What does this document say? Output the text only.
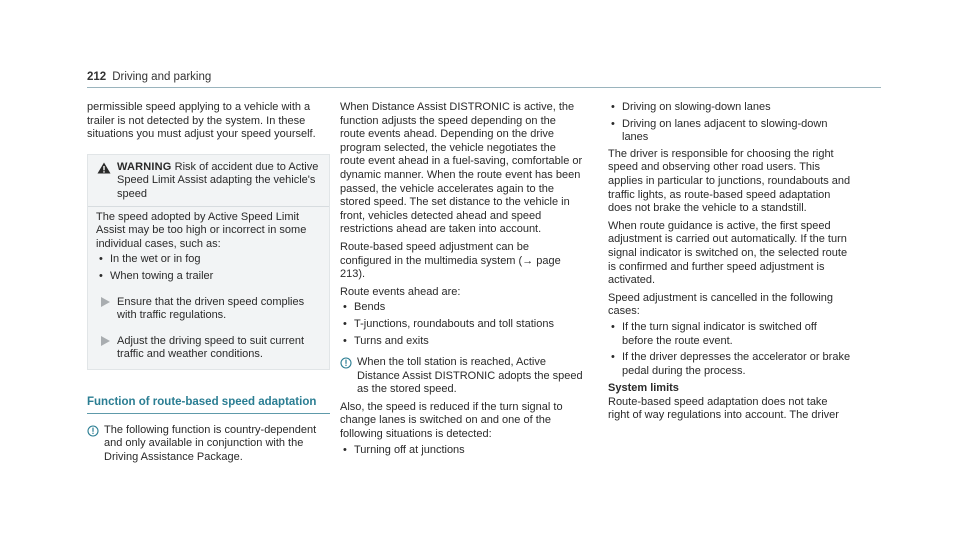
212 Driving and parking

permissible speed applying to a vehicle with a trailer is not detected by the system. In these situations you must adjust your speed yourself.

WARNING Risk of accident due to Active Speed Limit Assist adapting the vehicle's speed

The speed adopted by Active Speed Limit Assist may be too high or incorrect in some individual cases, such as:

• In the wet or in fog
• When towing a trailer
Ensure that the driven speed complies with traffic regulations.
Adjust the driving speed to suit current traffic and weather conditions.
Function of route-based speed adaptation
The following function is country-dependent and only available in conjunction with the Driving Assistance Package.

When Distance Assist DISTRONIC is active, the function adjusts the speed depending on the route events ahead. Depending on the drive program selected, the vehicle negotiates the route event ahead in a fuel-saving, comfortable or dynamic manner. When the route event has been passed, the vehicle accelerates again to the stored speed. The set distance to the vehicle in front, vehicles detected ahead and speed restrictions ahead are taken into account.

Route-based speed adjustment can be configured in the multimedia system (→ page 213).

Route events ahead are:

• Bends
• T-junctions, roundabouts and toll stations
• Turns and exits
When the toll station is reached, Active Distance Assist DISTRONIC adopts the speed as the stored speed.

Also, the speed is reduced if the turn signal to change lanes is switched on and one of the following situations is detected:

• Turning off at junctions
• Driving on slowing-down lanes
• Driving on lanes adjacent to slowing-down lanes

The driver is responsible for choosing the right speed and observing other road users. This applies in particular to junctions, roundabouts and traffic lights, as route-based speed adaptation does not brake the vehicle to a standstill.

When route guidance is active, the first speed adjustment is carried out automatically. If the turn signal indicator is switched on, the selected route is confirmed and further speed adjustment is activated.

Speed adjustment is cancelled in the following cases:

• If the turn signal indicator is switched off before the route event.
• If the driver depresses the accelerator or brake pedal during the process.

System limits

Route-based speed adaptation does not take right of way regulations into account. The driver
